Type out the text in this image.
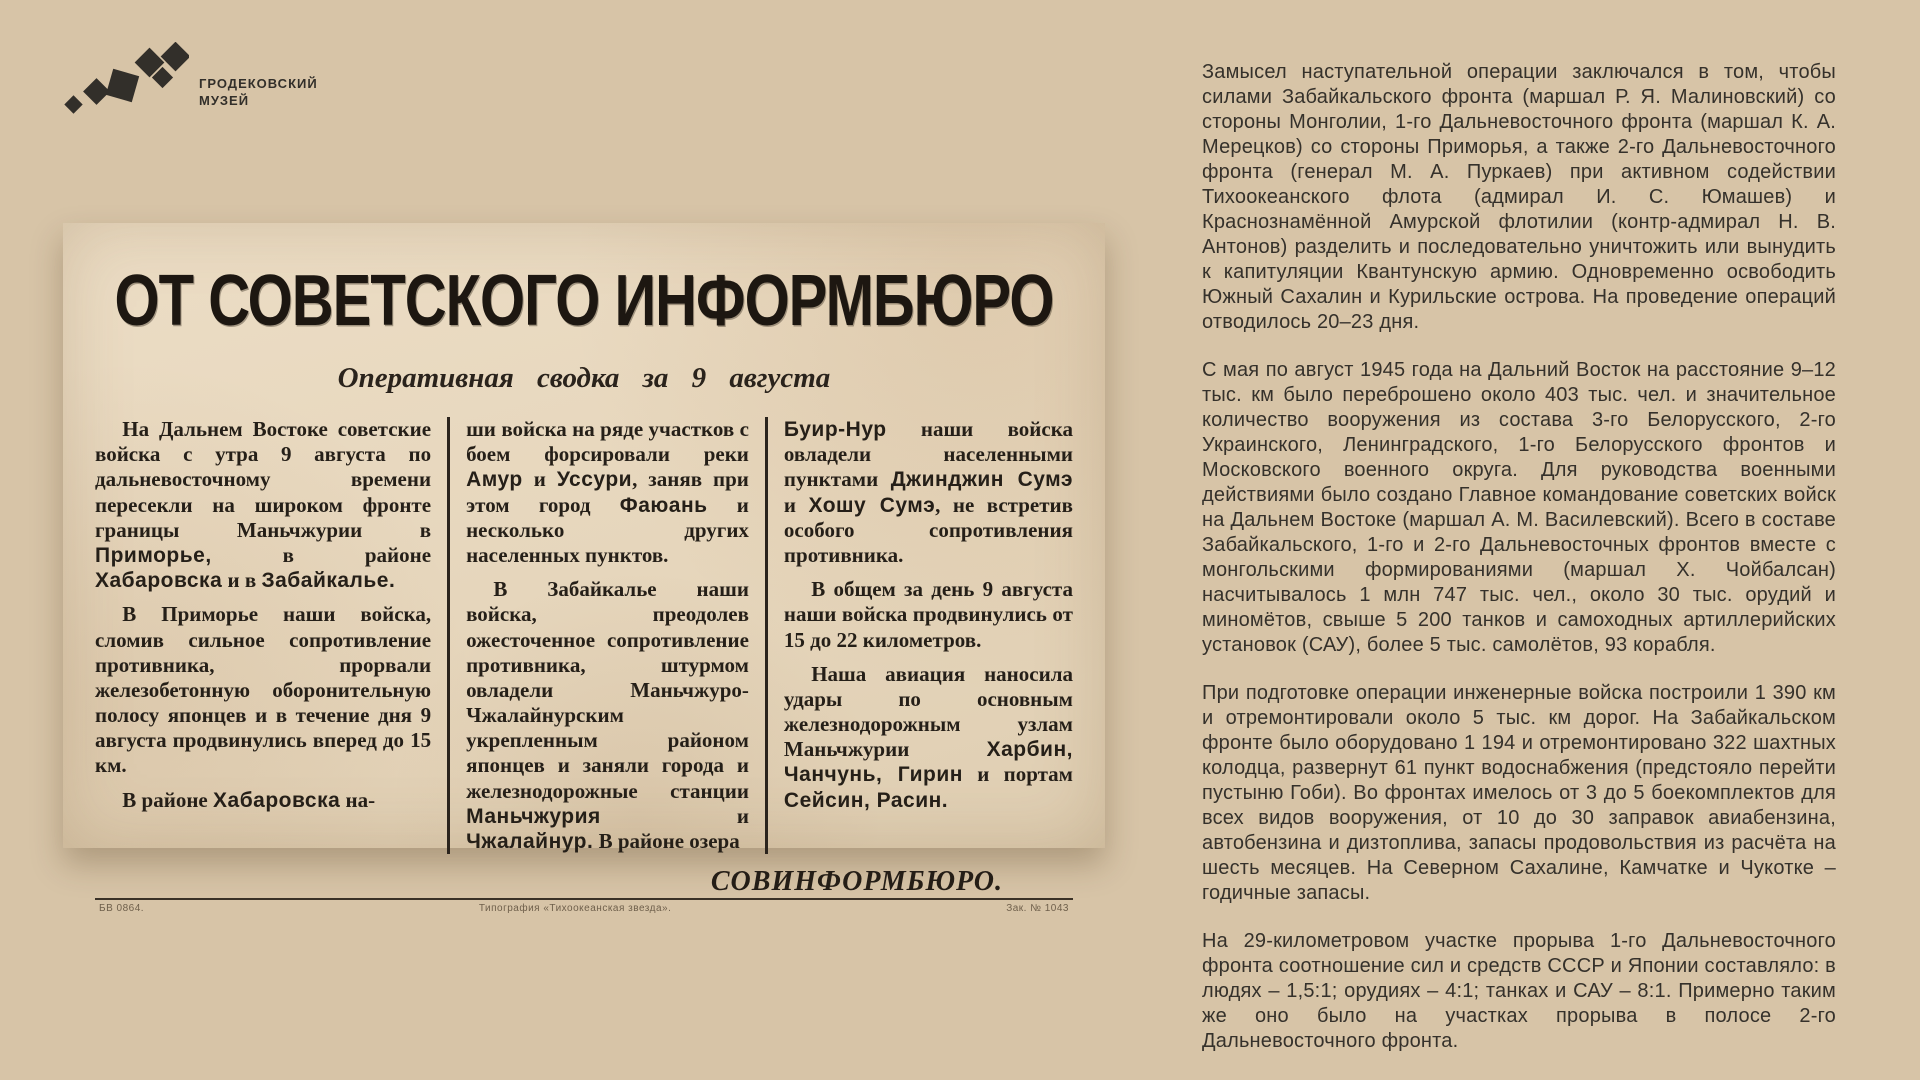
ГРОДЕКОВСКИЙ
МУЗЕЙ
ОТ СОВЕТСКОГО ИНФОРМБЮРО
Оперативная сводка за 9 августа

На Дальнем Востоке советские войска с утра 9 августа по дальневосточному времени пересекли на широком фронте границы Маньчжурии в Приморье, в районе Хабаровска и в Забайкалье.

В Приморье наши войска, сломив сильное сопротивление противника, прорвали железобетонную оборонительную полосу японцев и в течение дня 9 августа продвинулись вперед до 15 км.

В районе Хабаровска на-

ши войска на ряде участков с боем форсировали реки Амур и Уссури, заняв при этом город Фаюань и несколько других населенных пунктов.

В Забайкалье наши войска, преодолев ожесточенное сопротивление противника, штурмом овладели Маньчжуро-Чжалайнурским укрепленным районом японцев и заняли города и железнодорожные станции Маньчжурия и Чжалайнур. В районе озера

Буир-Нур наши войска овладели населенными пунктами Джинджин Сумэ и Хошу Сумэ, не встретив особого сопротивления противника.

В общем за день 9 августа наши войска продвинулись от 15 до 22 километров.

Наша авиация наносила удары по основным железнодорожным узлам Маньчжурии Харбин, Чанчунь, Гирин и портам Сейсин, Расин.

СОВИНФОРМБЮРО.
БВ 0864.	Типография «Тихоокеанская звезда».	Зак. № 1043

Замысел наступательной операции заключался в том, чтобы силами Забайкальского фронта (маршал Р. Я. Малиновский) со стороны Монголии, 1-го Дальневосточного фронта (маршал К. А. Мерецков) со стороны Приморья, а также 2-го Дальневосточного фронта (генерал М. А. Пуркаев) при активном содействии Тихоокеанского флота (адмирал И. С. Юмашев) и Краснознамённой Амурской флотилии (контр-адмирал Н. В. Антонов) разделить и последовательно уничтожить или вынудить к капитуляции Квантунскую армию. Одновременно освободить Южный Сахалин и Курильские острова. На проведение операций отводилось 20–23 дня.

С мая по август 1945 года на Дальний Восток на расстояние 9–12 тыс. км было переброшено около 403 тыс. чел. и значительное количество вооружения из состава 3-го Белорусского, 2-го Украинского, Ленинградского, 1-го Белорусского фронтов и Московского военного округа. Для руководства военными действиями было создано Главное командование советских войск на Дальнем Востоке (маршал А. М. Василевский). Всего в составе Забайкальского, 1-го и 2-го Дальневосточных фронтов вместе с монгольскими формированиями (маршал Х. Чойбалсан) насчитывалось 1 млн 747 тыс. чел., около 30 тыс. орудий и миномётов, свыше 5 200 танков и самоходных артиллерийских установок (САУ), более 5 тыс. самолётов, 93 корабля.

При подготовке операции инженерные войска построили 1 390 км и отремонтировали около 5 тыс. км дорог. На Забайкальском фронте было оборудовано 1 194 и отремонтировано 322 шахтных колодца, развернут 61 пункт водоснабжения (предстояло перейти пустыню Гоби). Во фронтах имелось от 3 до 5 боекомплектов для всех видов вооружения, от 10 до 30 заправок авиабензина, автобензина и дизтоплива, запасы продовольствия из расчёта на шесть месяцев. На Северном Сахалине, Камчатке и Чукотке – годичные запасы.

На 29-километровом участке прорыва 1-го Дальневосточного фронта соотношение сил и средств СССР и Японии составляло: в людях – 1,5:1; орудиях – 4:1; танках и САУ – 8:1. Примерно таким же оно было на участках прорыва в полосе 2-го Дальневосточного фронта.
